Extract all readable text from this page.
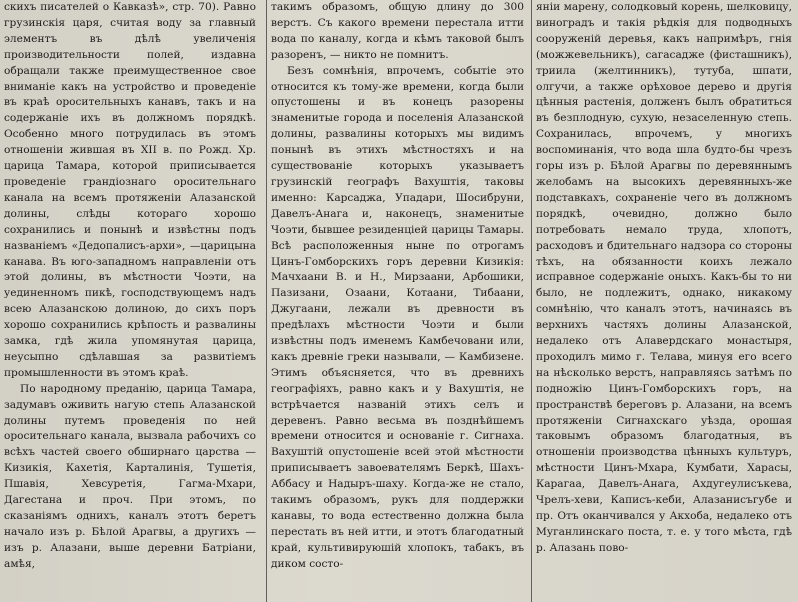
скихъ писателей о Кавказѣ», стр. 70). Равно грузинскія царя, считая воду за главный элементъ въ дѣлѣ увеличенія производительности полей, издавна обращали также преимущественное свое вниманіе какъ на устройство и проведеніе въ краѣ оросительныхъ канавъ, такъ и на содержаніе ихъ въ должномъ порядкѣ. Особенно много потрудилась въ этомъ отношеніи жившая въ XII в. по Рожд. Хр. царица Тамара, которой приписывается проведеніе грандіознаго оросительнаго канала на всемъ протяженіи Алазанской долины, слѣды котораго хорошо сохранились и понынѣ и извѣстны подъ названіемъ «Дедопалисъ-архи», —царицына канава. Въ юго-западномъ направленіи отъ этой долины, въ мѣстности Чоэти, на уединенномъ пикѣ, господствующемъ надъ всею Алазанскою долиною, до сихъ поръ хорошо сохранились крѣпость и развалины замка, гдѣ жила упомянутая царица, неусыпно сдѣлавшая за развитіемъ промышленности въ этомъ краѣ.

По народному преданію, царица Тамара, задумавъ оживить нагую степь Алазанской долины путемъ проведенія по ней оросительнаго канала, вызвала рабочихъ со всѣхъ частей своего обширнаго царства — Кизикія, Кахетія, Карталинія, Тушетія, Пшавія, Хевсуретія, Гагма-Мхари, Дагестана и проч. При этомъ, по сказаніямъ однихъ, каналъ этотъ беретъ начало изъ р. Бѣлой Арагвы, а другихъ — изъ р. Алазани, выше деревни Батріани, амѣя,

такимъ образомъ, общую длину до 300 верстъ. Съ какого времени перестала итти вода по каналу, когда и кѣмъ таковой былъ разоренъ, — никто не помнитъ.

Безъ сомнѣнія, впрочемъ, событіе это относится къ тому-же времени, когда были опустошены и въ конецъ разорены знаменитые города и поселенія Алазанской долины, развалины которыхъ мы видимъ понынѣ въ этихъ мѣстностяхъ и на существованіе которыхъ указываетъ грузинскій географъ Вахуштія, таковы именно: Карсаджа, Упадари, Шосибруни, Давелъ-Анага и, наконецъ, знаменитые Чоэти, бывшее резиденціей царицы Тамары. Всѣ расположенныя ныне по отрогамъ Цинъ-Гомборскихъ горъ деревни Кизикія: Мачхаани В. и Н., Мирзаани, Арбошики, Пазизани, Озаани, Котаани, Тибаани, Джугаани, лежали въ древности въ предѣлахъ мѣстности Чоэти и были извѣстны подъ именемъ Камбечовани или, какъ древніе греки называли, — Камбизене. Этимъ объясняется, что въ древнихъ географіяхъ, равно какъ и у Вахуштія, не встрѣчается названій этихъ селъ и деревенъ. Равно весьма въ позднѣйшемъ времени относится и основаніе г. Сигнаха. Вахуштій опустошеніе всей этой мѣстности приписываетъ завоевателямъ Беркѣ, Шахъ-Аббасу и Надыръ-шаху. Когда-же не стало, такимъ образомъ, рукъ для поддержки канавы, то вода естественно должна была перестать въ ней итти, и этотъ благодатный край, культивируюшій хлопокъ, табакъ, въ диком состо-

яніи марену, солодковый корень, шелковицу, виноградъ и такія рѣдкія для подводныхъ сооруженій деревья, какъ напримѣръ, гнія (можжевельникъ), сагасадже (фисташникъ), триила (желтинникъ), тутуба, шпати, олгучи, а также орѣховое дерево и другія цѣнныя растенія, долженъ былъ обратиться въ безплодную, сухую, незаселенную степь. Сохранилась, впрочемъ, у многихъ воспоминанія, что вода шла будто-бы чрезъ горы изъ р. Бѣлой Арагвы по деревяннымъ желобамъ на высокихъ деревянныхъ-же подставкахъ, сохраненіе чего въ должномъ порядкѣ, очевидно, должно было потребовать немало труда, хлопотъ, расходовъ и бдительнаго надзора со стороны тѣхъ, на обязанности коихъ лежало исправное содержаніе оныхъ. Какъ-бы то ни было, не подлежитъ, однако, никакому сомнѣнію, что каналъ этотъ, начинаясь въ верхнихъ частяхъ долины Алазанской, недалеко отъ Алавердскаго монастыря, проходилъ мимо г. Телава, минуя его всего на нѣсколько верстъ, направляясь затѣмъ по подножію Цинъ-Гомборскихъ горъ, на пространствѣ береговъ р. Алазани, на всемъ протяженіи Сигнахскаго уѣзда, орошая таковымъ образомъ благодатныя, въ отношеніи производства цѣнныхъ культуръ, мѣстности Цинъ-Мхара, Кумбати, Харасы, Карагаа, Давелъ-Анага, Ахдугеулисъкева, Чрелъ-хеви, Каписъ-кеби, Алазанисъгубе и пр. Отъ оканчивался у Акхоба, недалеко отъ Муганлинскаго поста, т. е. у того мѣста, гдѣ р. Алазань пово-
